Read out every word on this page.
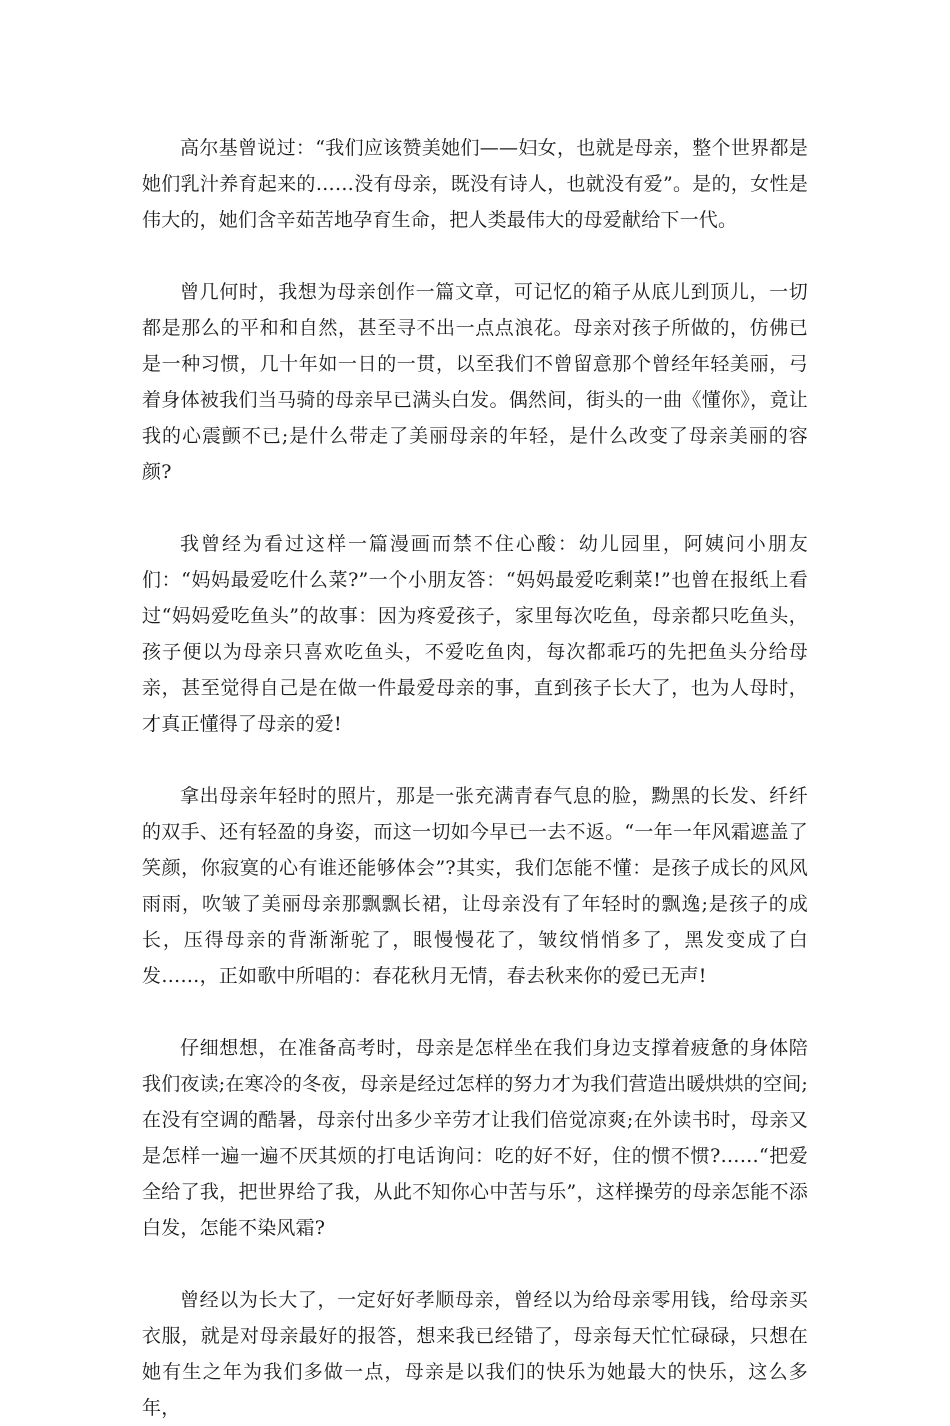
高尔基曾说过：“我们应该赞美她们——妇女，也就是母亲，整个世界都是她们乳汁养育起来的……没有母亲，既没有诗人，也就没有爱”。是的，女性是伟大的，她们含辛茹苦地孕育生命，把人类最伟大的母爱献给下一代。

曾几何时，我想为母亲创作一篇文章，可记忆的箱子从底儿到顶儿，一切都是那么的平和和自然，甚至寻不出一点点浪花。母亲对孩子所做的，仿佛已是一种习惯，几十年如一日的一贯，以至我们不曾留意那个曾经年轻美丽，弓着身体被我们当马骑的母亲早已满头白发。偶然间，街头的一曲《懂你》，竟让我的心震颤不已;是什么带走了美丽母亲的年轻，是什么改变了母亲美丽的容颜?

我曾经为看过这样一篇漫画而禁不住心酸：幼儿园里，阿姨问小朋友们：“妈妈最爱吃什么菜?”一个小朋友答：“妈妈最爱吃剩菜!”也曾在报纸上看过“妈妈爱吃鱼头”的故事：因为疼爱孩子，家里每次吃鱼，母亲都只吃鱼头，孩子便以为母亲只喜欢吃鱼头，不爱吃鱼肉，每次都乖巧的先把鱼头分给母亲，甚至觉得自己是在做一件最爱母亲的事，直到孩子长大了，也为人母时，才真正懂得了母亲的爱!

拿出母亲年轻时的照片，那是一张充满青春气息的脸，黝黑的长发、纤纤的双手、还有轻盈的身姿，而这一切如今早已一去不返。“一年一年风霜遮盖了笑颜，你寂寞的心有谁还能够体会”?其实，我们怎能不懂：是孩子成长的风风雨雨，吹皱了美丽母亲那飘飘长裙，让母亲没有了年轻时的飘逸;是孩子的成长，压得母亲的背渐渐驼了，眼慢慢花了，皱纹悄悄多了，黑发变成了白发……，正如歌中所唱的：春花秋月无情，春去秋来你的爱已无声!

仔细想想，在准备高考时，母亲是怎样坐在我们身边支撑着疲惫的身体陪我们夜读;在寒冷的冬夜，母亲是经过怎样的努力才为我们营造出暖烘烘的空间;在没有空调的酷暑，母亲付出多少辛劳才让我们倍觉凉爽;在外读书时，母亲又是怎样一遍一遍不厌其烦的打电话询问：吃的好不好，住的惯不惯?……“把爱全给了我，把世界给了我，从此不知你心中苦与乐”，这样操劳的母亲怎能不添白发，怎能不染风霜?

曾经以为长大了，一定好好孝顺母亲，曾经以为给母亲零用钱，给母亲买衣服，就是对母亲最好的报答，想来我已经错了，母亲每天忙忙碌碌，只想在她有生之年为我们多做一点，母亲是以我们的快乐为她最大的快乐，这么多年，
